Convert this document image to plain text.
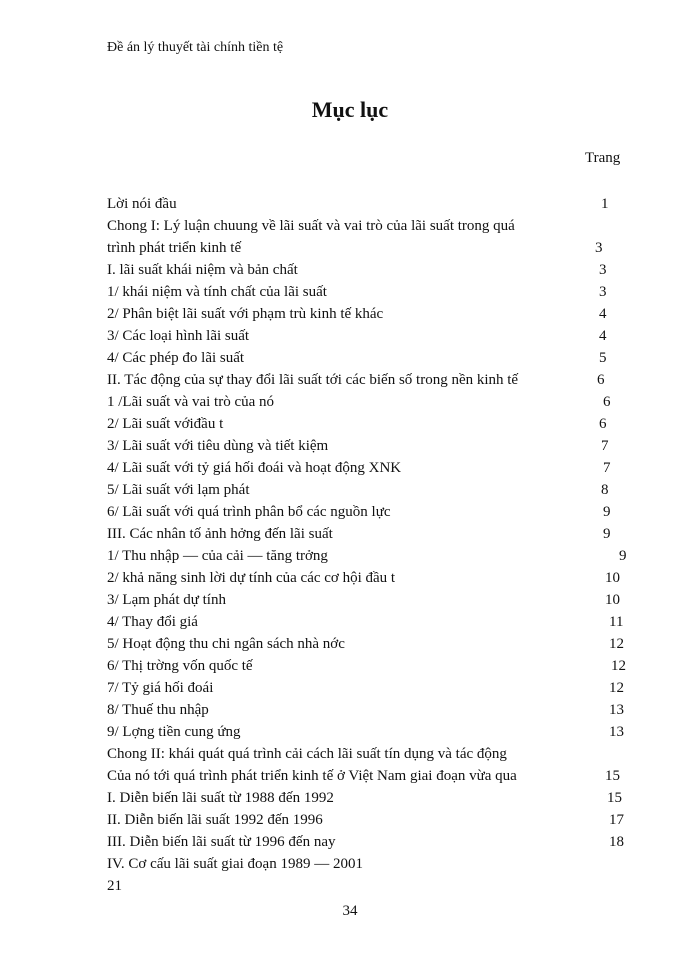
Đề án lý thuyết tài chính tiền tệ
Mục lục
Trang
Lời nói đầu	1
Chong I: Lý luận chuung về lãi suất và vai trò của lãi suất trong quá
trình phát triển kinh tế	3
I. lãi suất khái niệm và bản chất	3
1/ khái niệm và tính chất của lãi suất	3
2/ Phân biệt lãi suất với phạm trù kinh tế khác	4
3/ Các loại hình lãi suất	4
4/ Các phép đo lãi suất	5
II. Tác động của sự thay đổi lãi suất tới các biến số trong nền kinh tế	6
1 /Lãi suất và vai trò của nó	6
2/ Lãi suất vớiđầu t	6
3/ Lãi suất với tiêu dùng và tiết kiệm	7
4/ Lãi suất với tỷ giá hối đoái và hoạt động XNK	7
5/ Lãi suất với lạm phát	8
6/ Lãi suất với quá trình phân bổ các nguồn lực	9
III. Các nhân tố ảnh hởng đến lãi suất	9
1/ Thu nhập — của cải — tăng trởng	9
2/ khả năng sinh lời dự tính của các cơ hội đầu t	10
3/ Lạm phát dự tính	10
4/ Thay đổi giá	11
5/ Hoạt động thu chi ngân sách nhà nớc	12
6/ Thị trờng vốn quốc tế	12
7/ Tỷ giá hối đoái	12
8/ Thuế thu nhập	13
9/ Lợng tiền cung ứng	13
Chong II: khái quát quá trình cải cách lãi suất tín dụng và tác động
Của nó tới quá trình phát triển kinh tế ở Việt Nam giai đoạn vừa qua	15
I. Diễn biến lãi suất từ 1988 đến 1992	15
II. Diễn biến lãi suất 1992 đến 1996	17
III. Diễn biến lãi suất từ 1996 đến nay	18
IV. Cơ cấu lãi suất giai đoạn 1989 — 2001
21
34
